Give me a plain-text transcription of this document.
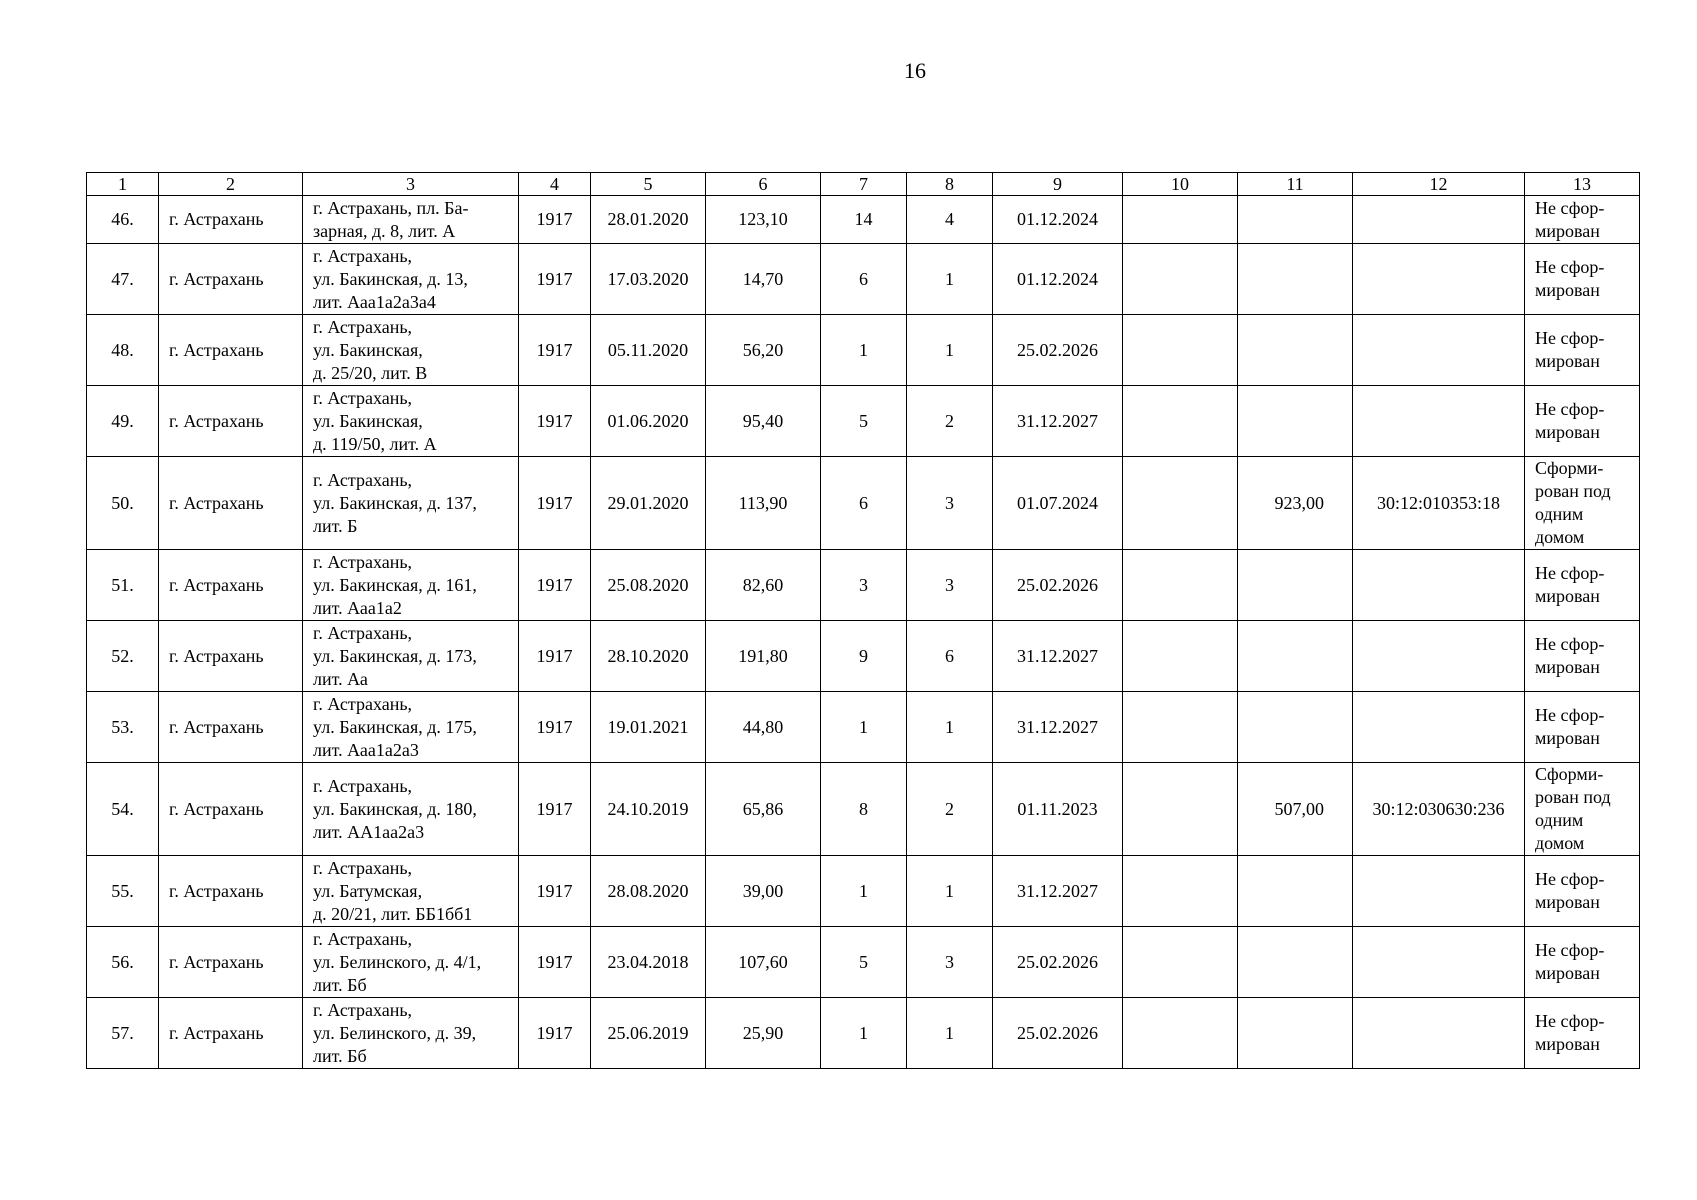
16
1	2	3	4	5	6	7	8	9	10	11	12	13
46.	г. Астрахань	г. Астрахань, пл. Ба-
зарная, д. 8, лит. А	1917	28.01.2020	123,10	14	4	01.12.2024				Не сфор-
мирован

47.	г. Астрахань	г. Астрахань,
ул. Бакинская, д. 13,
лит. Ааа1а2а3а4	1917	17.03.2020	14,70	6	1	01.12.2024				Не сфор-
мирован

48.	г. Астрахань	г. Астрахань,
ул. Бакинская,
д. 25/20, лит. В	1917	05.11.2020	56,20	1	1	25.02.2026				Не сфор-
мирован

49.	г. Астрахань	г. Астрахань,
ул. Бакинская,
д. 119/50, лит. А	1917	01.06.2020	95,40	5	2	31.12.2027				Не сфор-
мирован

50.	г. Астрахань	г. Астрахань,
ул. Бакинская, д. 137,
лит. Б	1917	29.01.2020	113,90	6	3	01.07.2024		923,00	30:12:010353:18	Сформи-
рован под
одним
домом

51.	г. Астрахань	г. Астрахань,
ул. Бакинская, д. 161,
лит. Ааа1а2	1917	25.08.2020	82,60	3	3	25.02.2026				Не сфор-
мирован

52.	г. Астрахань	г. Астрахань,
ул. Бакинская, д. 173,
лит. Аа	1917	28.10.2020	191,80	9	6	31.12.2027				Не сфор-
мирован

53.	г. Астрахань	г. Астрахань,
ул. Бакинская, д. 175,
лит. Ааа1а2а3	1917	19.01.2021	44,80	1	1	31.12.2027				Не сфор-
мирован

54.	г. Астрахань	г. Астрахань,
ул. Бакинская, д. 180,
лит. АА1аа2а3	1917	24.10.2019	65,86	8	2	01.11.2023		507,00	30:12:030630:236	Сформи-
рован под
одним
домом

55.	г. Астрахань	г. Астрахань,
ул. Батумская,
д. 20/21, лит. ББ1бб1	1917	28.08.2020	39,00	1	1	31.12.2027				Не сфор-
мирован

56.	г. Астрахань	г. Астрахань,
ул. Белинского, д. 4/1,
лит. Бб	1917	23.04.2018	107,60	5	3	25.02.2026				Не сфор-
мирован

57.	г. Астрахань	г. Астрахань,
ул. Белинского, д. 39,
лит. Бб	1917	25.06.2019	25,90	1	1	25.02.2026				Не сфор-
мирован
